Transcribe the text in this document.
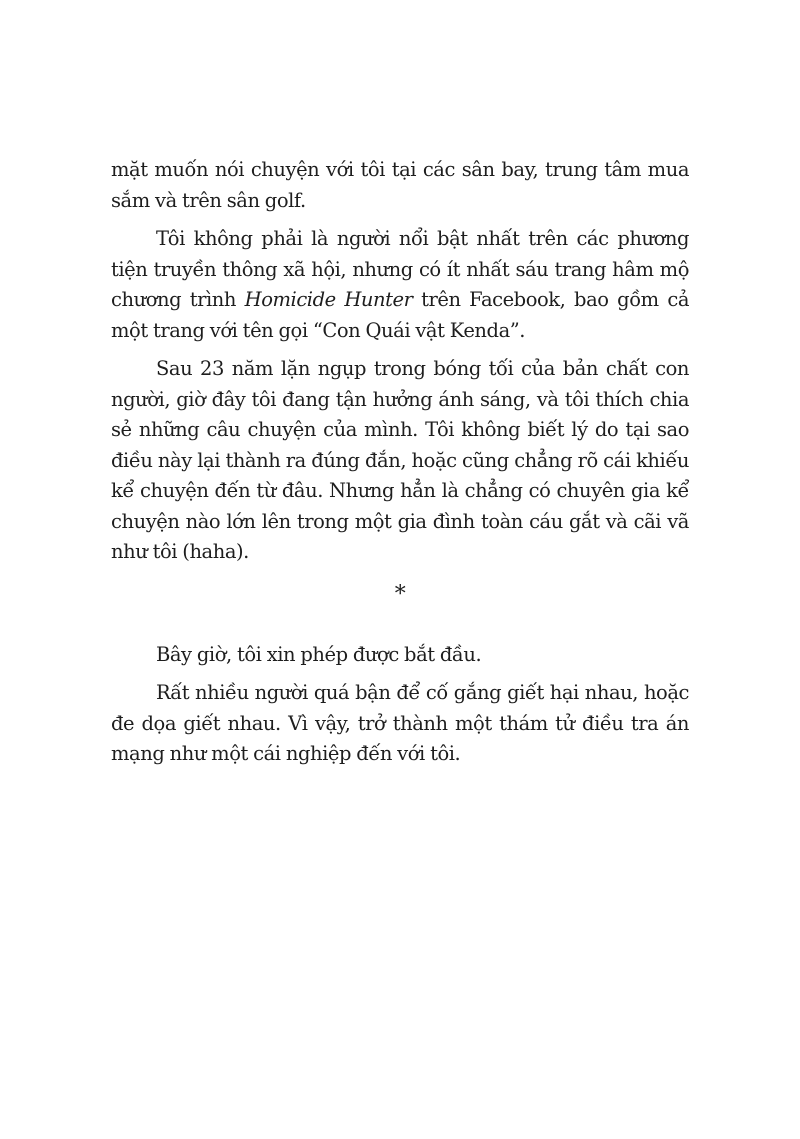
mặt muốn nói chuyện với tôi tại các sân bay, trung tâm mua sắm và trên sân golf.

Tôi không phải là người nổi bật nhất trên các phương tiện truyền thông xã hội, nhưng có ít nhất sáu trang hâm mộ chương trình Homicide Hunter trên Facebook, bao gồm cả một trang với tên gọi “Con Quái vật Kenda”.

Sau 23 năm lặn ngụp trong bóng tối của bản chất con người, giờ đây tôi đang tận hưởng ánh sáng, và tôi thích chia sẻ những câu chuyện của mình. Tôi không biết lý do tại sao điều này lại thành ra đúng đắn, hoặc cũng chẳng rõ cái khiếu kể chuyện đến từ đâu. Nhưng hẳn là chẳng có chuyên gia kể chuyện nào lớn lên trong một gia đình toàn cáu gắt và cãi vã như tôi (haha).

*

Bây giờ, tôi xin phép được bắt đầu.

Rất nhiều người quá bận để cố gắng giết hại nhau, hoặc đe dọa giết nhau. Vì vậy, trở thành một thám tử điều tra án mạng như một cái nghiệp đến với tôi.
